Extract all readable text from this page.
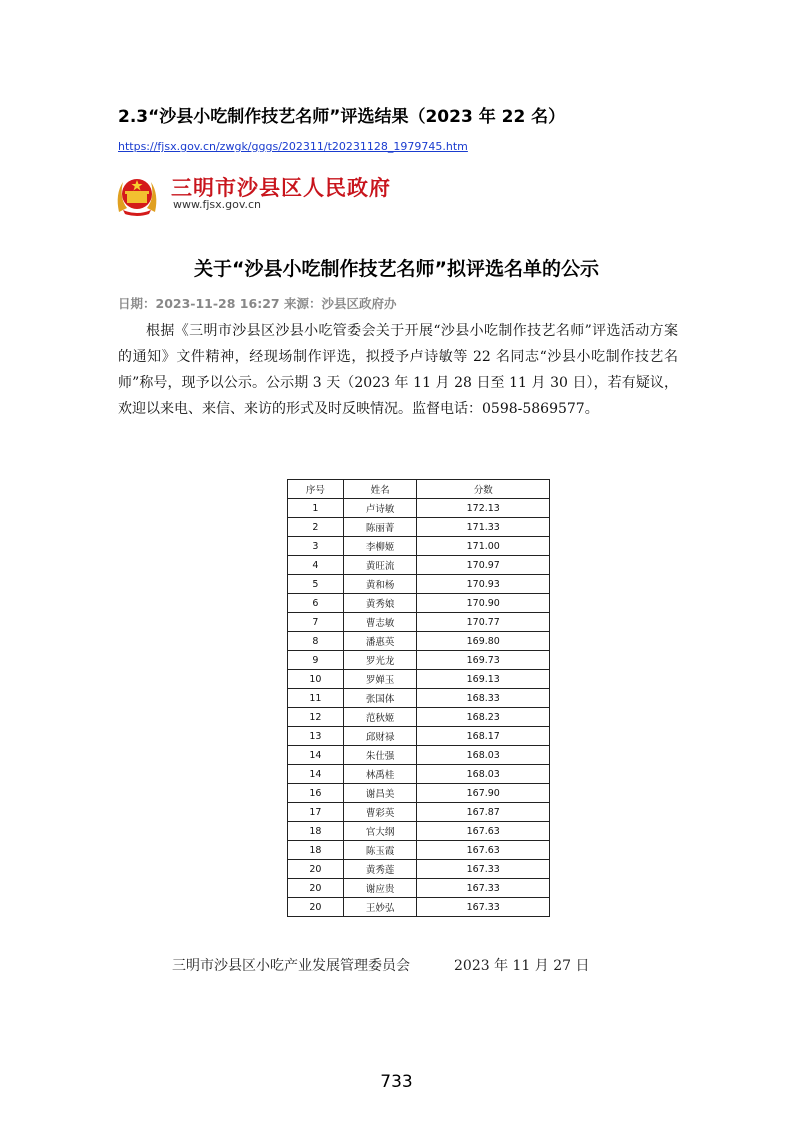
2.3“沙县小吃制作技艺名师”评选结果（2023 年 22 名）
https://fjsx.gov.cn/zwgk/gggs/202311/t20231128_1979745.htm
三明市沙县区人民政府
www.fjsx.gov.cn
关于“沙县小吃制作技艺名师”拟评选名单的公示
日期：2023-11-28 16:27 来源：沙县区政府办

根据《三明市沙县区沙县小吃管委会关于开展“沙县小吃制作技艺名师”评选活动方案的通知》文件精神，经现场制作评选，拟授予卢诗敏等 22 名同志“沙县小吃制作技艺名师”称号，现予以公示。公示期 3 天（2023 年 11 月 28 日至 11 月 30 日），若有疑议，欢迎以来电、来信、来访的形式及时反映情况。监督电话：0598-5869577。

序号	姓名	分数
1	卢诗敏	172.13
2	陈丽菁	171.33
3	李柳姬	171.00
4	黄旺流	170.97
5	黄和杨	170.93
6	黄秀娘	170.90
7	曹志敏	170.77
8	潘惠英	169.80
9	罗光龙	169.73
10	罗婵玉	169.13
11	张国体	168.33
12	范秋姬	168.23
13	邱财禄	168.17
14	朱仕强	168.03
14	林禹桂	168.03
16	谢昌美	167.90
17	曹彩英	167.87
18	官大纲	167.63
18	陈玉霞	167.63
20	黄秀莲	167.33
20	谢应贵	167.33
20	王妙弘	167.33
三明市沙县区小吃产业发展管理委员会	2023 年 11 月 27 日
733
